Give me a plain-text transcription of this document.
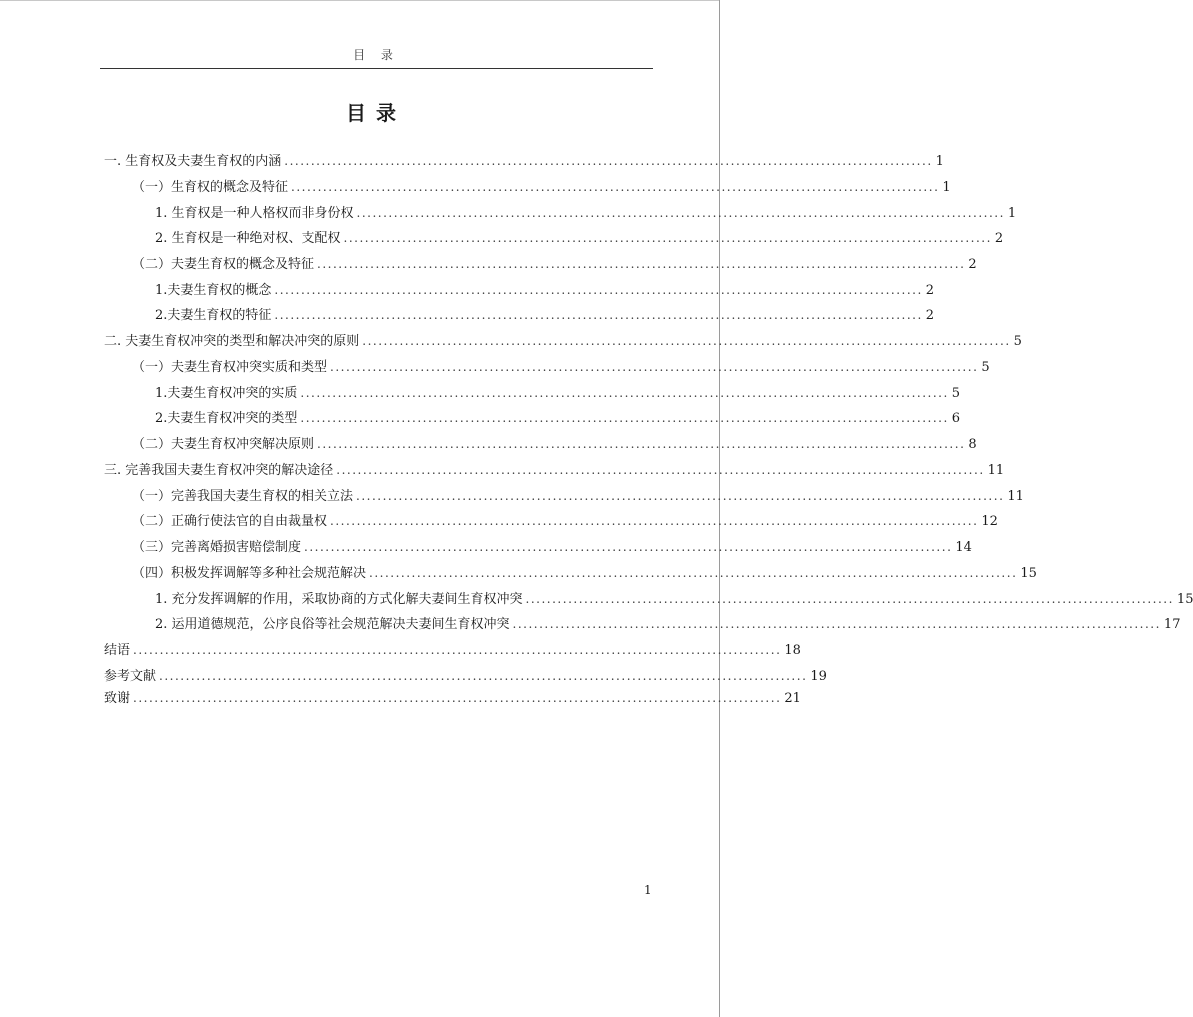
目 录
目录
一. 生育权及夫妻生育权的内涵 .......................................................................................................................... 1
（一）生育权的概念及特征 .......................................................................................................................... 1
1. 生育权是一种人格权而非身份权 .......................................................................................................................... 1
2. 生育权是一种绝对权、支配权 .......................................................................................................................... 2
（二）夫妻生育权的概念及特征 .......................................................................................................................... 2
1.夫妻生育权的概念 .......................................................................................................................... 2
2.夫妻生育权的特征 .......................................................................................................................... 2
二. 夫妻生育权冲突的类型和解决冲突的原则 .......................................................................................................................... 5
（一）夫妻生育权冲突实质和类型 .......................................................................................................................... 5
1.夫妻生育权冲突的实质 .......................................................................................................................... 5
2.夫妻生育权冲突的类型 .......................................................................................................................... 6
（二）夫妻生育权冲突解决原则 .......................................................................................................................... 8
三. 完善我国夫妻生育权冲突的解决途径 .......................................................................................................................... 11
（一）完善我国夫妻生育权的相关立法 .......................................................................................................................... 11
（二）正确行使法官的自由裁量权 .......................................................................................................................... 12
（三）完善离婚损害赔偿制度 .......................................................................................................................... 14
（四）积极发挥调解等多种社会规范解决 .......................................................................................................................... 15
1. 充分发挥调解的作用，采取协商的方式化解夫妻间生育权冲突 .......................................................................................................................... 15
2. 运用道德规范，公序良俗等社会规范解决夫妻间生育权冲突 .......................................................................................................................... 17
结语 .......................................................................................................................... 18
参考文献 .......................................................................................................................... 19
致谢 .......................................................................................................................... 21
1
